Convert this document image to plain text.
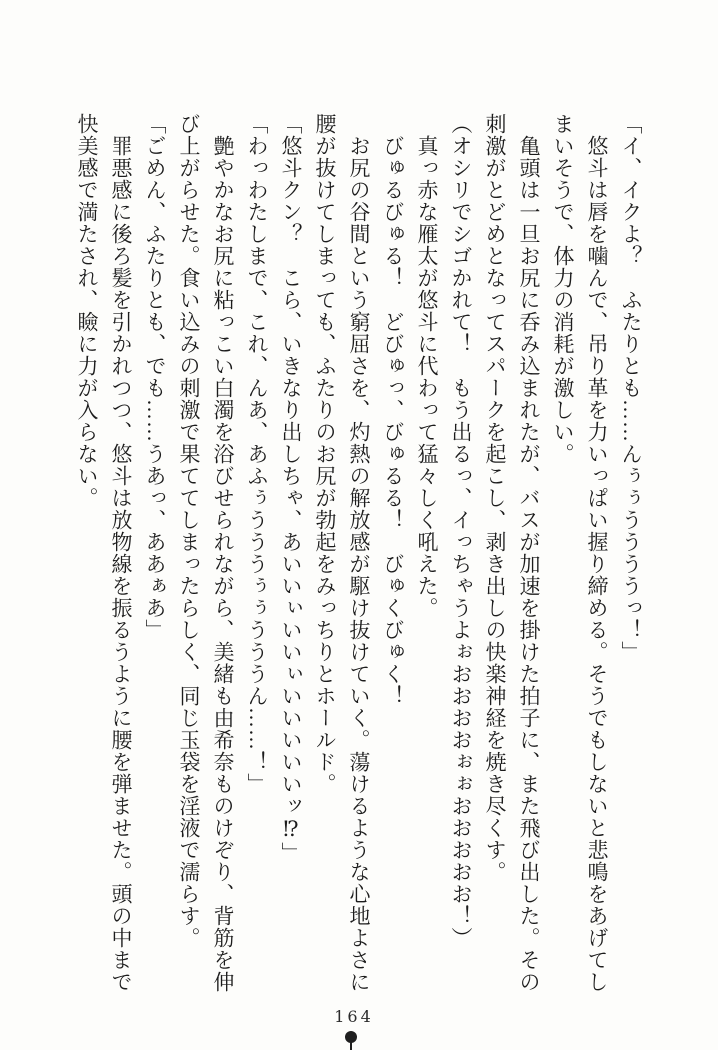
「イ、イクよ？　ふたりとも……んぅぅううううっ！」

悠斗は唇を噛んで、吊り革を力いっぱい握り締める。そうでもしないと悲鳴をあげてしまいそうで、体力の消耗が激しい。

亀頭は一旦お尻に呑み込まれたが、バスが加速を掛けた拍子に、また飛び出した。その刺激がとどめとなってスパークを起こし、剥き出しの快楽神経を焼き尽くす。

（オシリでシゴかれて！　もう出るっ、イっちゃうよぉおおおおぉぉおおおおお！）

真っ赤な雁太が悠斗に代わって猛々しく吼えた。

びゅるびゅる！　どびゅっ、びゅるる！　びゅくびゅく！

お尻の谷間という窮屈さを、灼熱の解放感が駆け抜けていく。蕩けるような心地よさに腰が抜けてしまっても、ふたりのお尻が勃起をみっちりとホールド。

「悠斗クン？　こら、いきなり出しちゃ、あいいぃいいぃいいいいいッ⁉」

「わっわたしまで、これ、んあ、あふぅうううぅぅうううん……！」

艶やかなお尻に粘っこい白濁を浴びせられながら、美緒も由希奈ものけぞり、背筋を伸び上がらせた。食い込みの刺激で果ててしまったらしく、同じ玉袋を淫液で濡らす。

「ごめん、ふたりとも、でも……うあっ、ああぁあ」

罪悪感に後ろ髪を引かれつつ、悠斗は放物線を振るうように腰を弾ませた。頭の中まで快美感で満たされ、瞼に力が入らない。

164
